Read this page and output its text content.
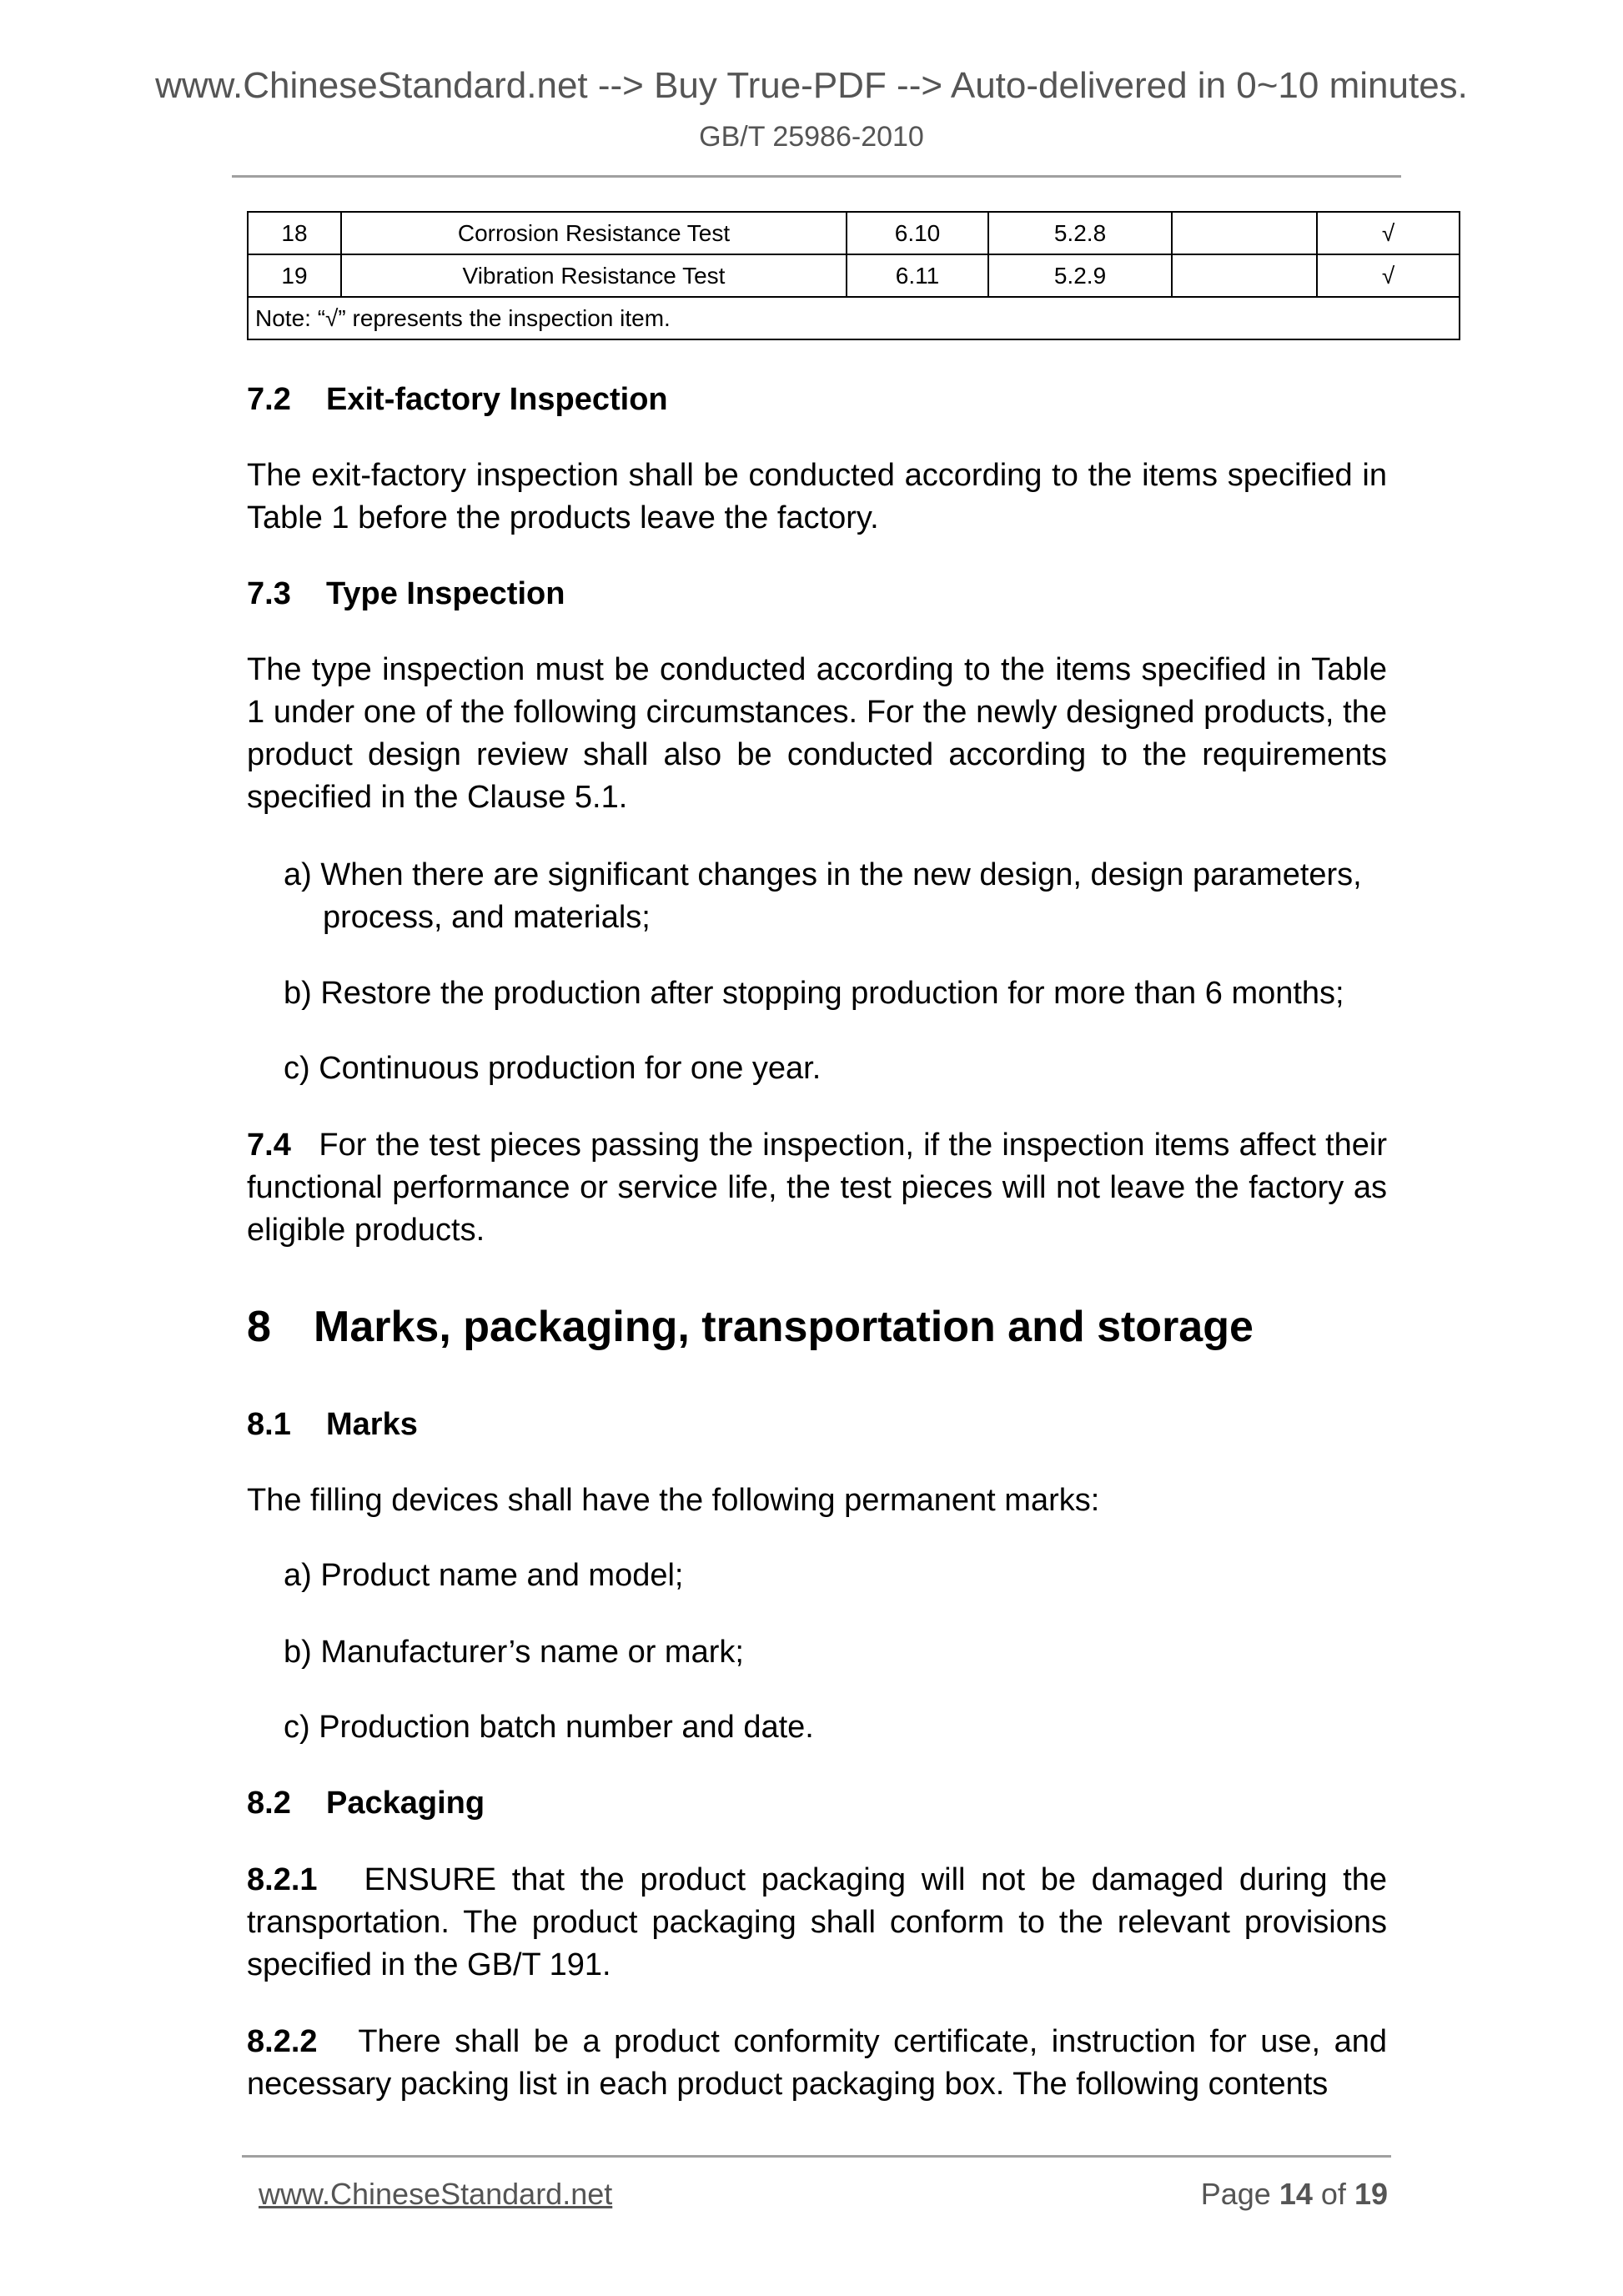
www.ChineseStandard.net --> Buy True-PDF --> Auto-delivered in 0~10 minutes.
GB/T 25986-2010
18	Corrosion Resistance Test	6.10	5.2.8		√
19	Vibration Resistance Test	6.11	5.2.9		√
Note: “√” represents the inspection item.					
7.2 Exit-factory Inspection
The exit-factory inspection shall be conducted according to the items specified in Table 1 before the products leave the factory.
7.3 Type Inspection
The type inspection must be conducted according to the items specified in Table 1 under one of the following circumstances. For the newly designed products, the product design review shall also be conducted according to the requirements specified in the Clause 5.1.
a) When there are significant changes in the new design, design parameters, process, and materials;
b) Restore the production after stopping production for more than 6 months;
c) Continuous production for one year.
7.4 For the test pieces passing the inspection, if the inspection items affect their functional performance or service life, the test pieces will not leave the factory as eligible products.
8 Marks, packaging, transportation and storage
8.1 Marks
The filling devices shall have the following permanent marks:
a) Product name and model;
b) Manufacturer’s name or mark;
c) Production batch number and date.
8.2 Packaging
8.2.1 ENSURE that the product packaging will not be damaged during the transportation. The product packaging shall conform to the relevant provisions specified in the GB/T 191.
8.2.2 There shall be a product conformity certificate, instruction for use, and necessary packing list in each product packaging box. The following contents
www.ChineseStandard.net	Page 14 of 19
